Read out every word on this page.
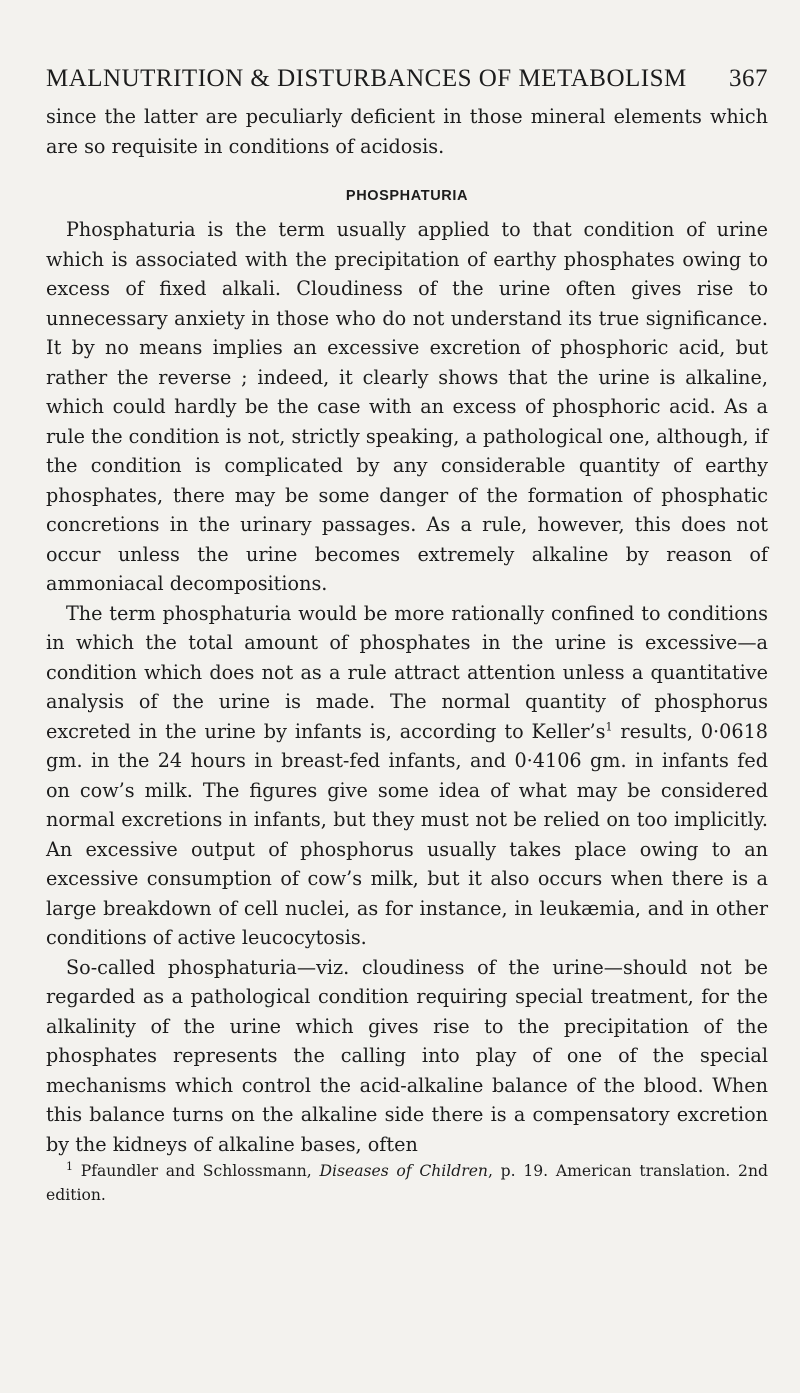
MALNUTRITION & DISTURBANCES OF METABOLISM 367

since the latter are peculiarly deficient in those mineral elements which are so requisite in conditions of acidosis.

PHOSPHATURIA

Phosphaturia is the term usually applied to that condition of urine which is associated with the precipitation of earthy phosphates owing to excess of fixed alkali. Cloudiness of the urine often gives rise to unnecessary anxiety in those who do not understand its true significance. It by no means implies an excessive excretion of phosphoric acid, but rather the reverse ; indeed, it clearly shows that the urine is alkaline, which could hardly be the case with an excess of phosphoric acid. As a rule the condition is not, strictly speaking, a pathological one, although, if the condition is complicated by any considerable quantity of earthy phosphates, there may be some danger of the formation of phosphatic concretions in the urinary passages. As a rule, however, this does not occur unless the urine becomes extremely alkaline by reason of ammoniacal decompositions.

The term phosphaturia would be more rationally confined to conditions in which the total amount of phosphates in the urine is excessive—a condition which does not as a rule attract attention unless a quantitative analysis of the urine is made. The normal quantity of phosphorus excreted in the urine by infants is, according to $Keller’s^1$ results, 0·0618 gm. in the 24 hours in breast-fed infants, and 0·4106 gm. in infants fed on cow’s milk. The figures give some idea of what may be considered normal excretions in infants, but they must not be relied on too implicitly. An excessive output of phosphorus usually takes place owing to an excessive consumption of cow’s milk, but it also occurs when there is a large breakdown of cell nuclei, as for instance, in leukæmia, and in other conditions of active leucocytosis.

So-called phosphaturia—viz. cloudiness of the urine—should not be regarded as a pathological condition requiring special treatment, for the alkalinity of the urine which gives rise to the precipitation of the phosphates represents the calling into play of one of the special mechanisms which control the acid-alkaline balance of the blood. When this balance turns on the alkaline side there is a compensatory excretion by the kidneys of alkaline bases, often

$^1$ Pfaundler and Schlossmann, Diseases of Children, p. 19. American translation. 2nd edition.
